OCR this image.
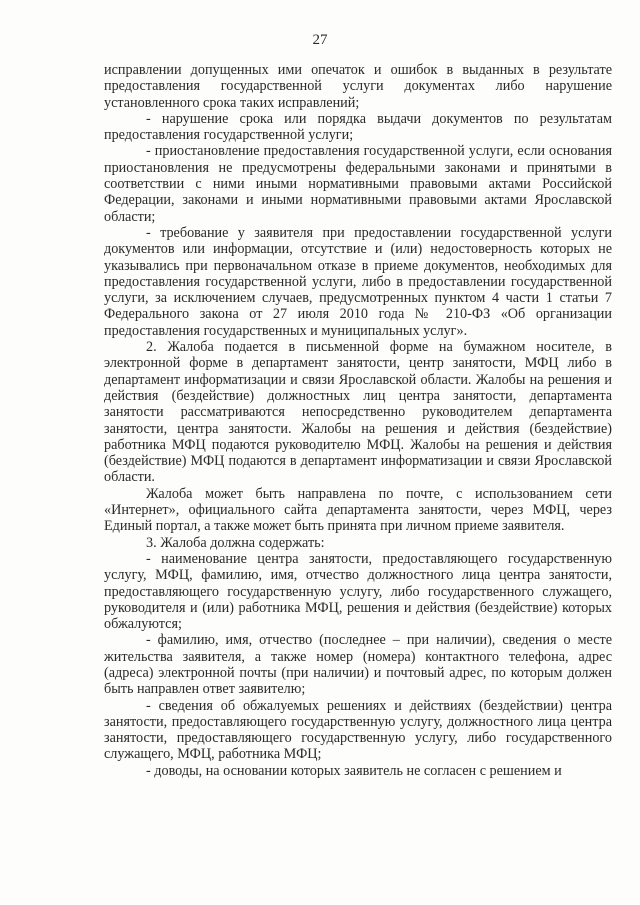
27

исправлении допущенных ими опечаток и ошибок в выданных в результате предоставления государственной услуги документах либо нарушение установленного срока таких исправлений;

- нарушение срока или порядка выдачи документов по результатам предоставления государственной услуги;

- приостановление предоставления государственной услуги, если основания приостановления не предусмотрены федеральными законами и принятыми в соответствии с ними иными нормативными правовыми актами Российской Федерации, законами и иными нормативными правовыми актами Ярославской области;

- требование у заявителя при предоставлении государственной услуги документов или информации, отсутствие и (или) недостоверность которых не указывались при первоначальном отказе в приеме документов, необходимых для предоставления государственной услуги, либо в предоставлении государственной услуги, за исключением случаев, предусмотренных пунктом 4 части 1 статьи 7 Федерального закона от 27 июля 2010 года № 210-ФЗ «Об организации предоставления государственных и муниципальных услуг».

2. Жалоба подается в письменной форме на бумажном носителе, в электронной форме в департамент занятости, центр занятости, МФЦ либо в департамент информатизации и связи Ярославской области. Жалобы на решения и действия (бездействие) должностных лиц центра занятости, департамента занятости рассматриваются непосредственно руководителем департамента занятости, центра занятости. Жалобы на решения и действия (бездействие) работника МФЦ подаются руководителю МФЦ. Жалобы на решения и действия (бездействие) МФЦ подаются в департамент информатизации и связи Ярославской области.

Жалоба может быть направлена по почте, с использованием сети «Интернет», официального сайта департамента занятости, через МФЦ, через Единый портал, а также может быть принята при личном приеме заявителя.

3. Жалоба должна содержать:

- наименование центра занятости, предоставляющего государственную услугу, МФЦ, фамилию, имя, отчество должностного лица центра занятости, предоставляющего государственную услугу, либо государственного служащего, руководителя и (или) работника МФЦ, решения и действия (бездействие) которых обжалуются;

- фамилию, имя, отчество (последнее – при наличии), сведения о месте жительства заявителя, а также номер (номера) контактного телефона, адрес (адреса) электронной почты (при наличии) и почтовый адрес, по которым должен быть направлен ответ заявителю;

- сведения об обжалуемых решениях и действиях (бездействии) центра занятости, предоставляющего государственную услугу, должностного лица центра занятости, предоставляющего государственную услугу, либо государственного служащего, МФЦ, работника МФЦ;

- доводы, на основании которых заявитель не согласен с решением и
